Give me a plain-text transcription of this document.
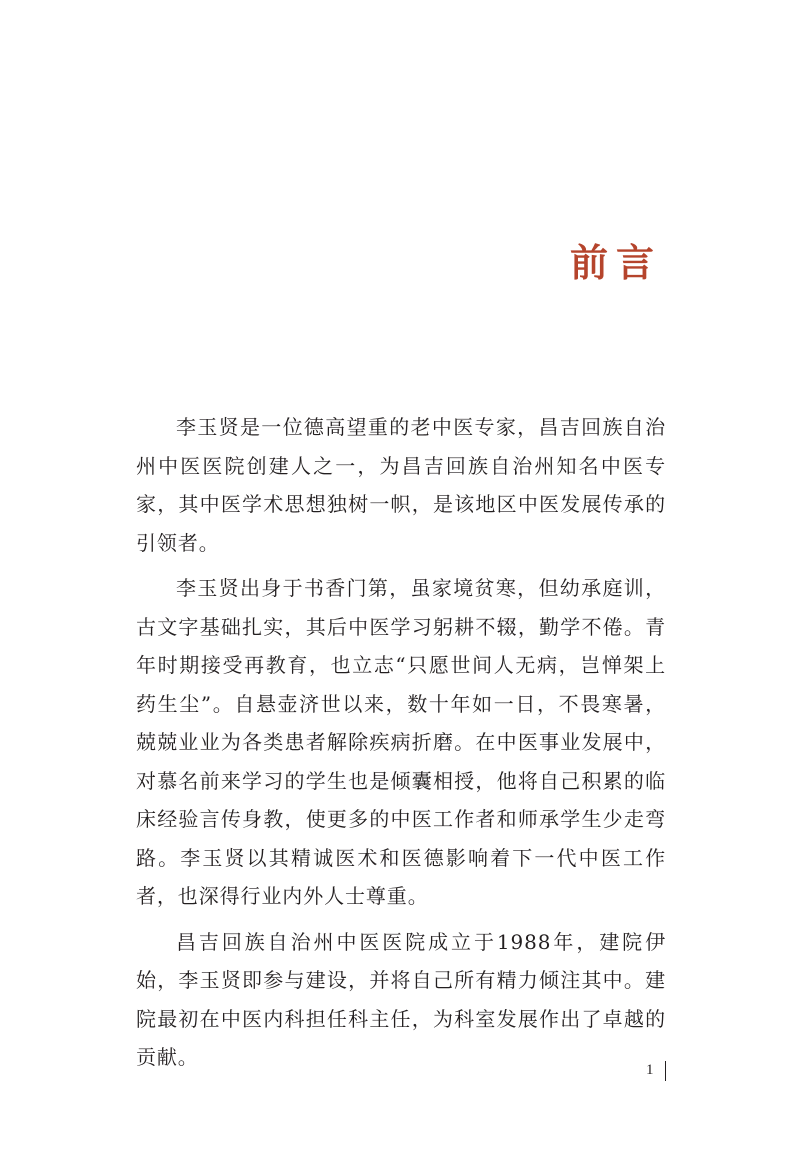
前言

李玉贤是一位德高望重的老中医专家，昌吉回族自治州中医医院创建人之一，为昌吉回族自治州知名中医专家，其中医学术思想独树一帜，是该地区中医发展传承的引领者。

李玉贤出身于书香门第，虽家境贫寒，但幼承庭训，古文字基础扎实，其后中医学习躬耕不辍，勤学不倦。青年时期接受再教育，也立志“只愿世间人无病，岂惮架上药生尘”。自悬壶济世以来，数十年如一日，不畏寒暑，兢兢业业为各类患者解除疾病折磨。在中医事业发展中，对慕名前来学习的学生也是倾囊相授，他将自己积累的临床经验言传身教，使更多的中医工作者和师承学生少走弯路。李玉贤以其精诚医术和医德影响着下一代中医工作者，也深得行业内外人士尊重。

昌吉回族自治州中医医院成立于1988年，建院伊始，李玉贤即参与建设，并将自己所有精力倾注其中。建院最初在中医内科担任科主任，为科室发展作出了卓越的贡献。

1
